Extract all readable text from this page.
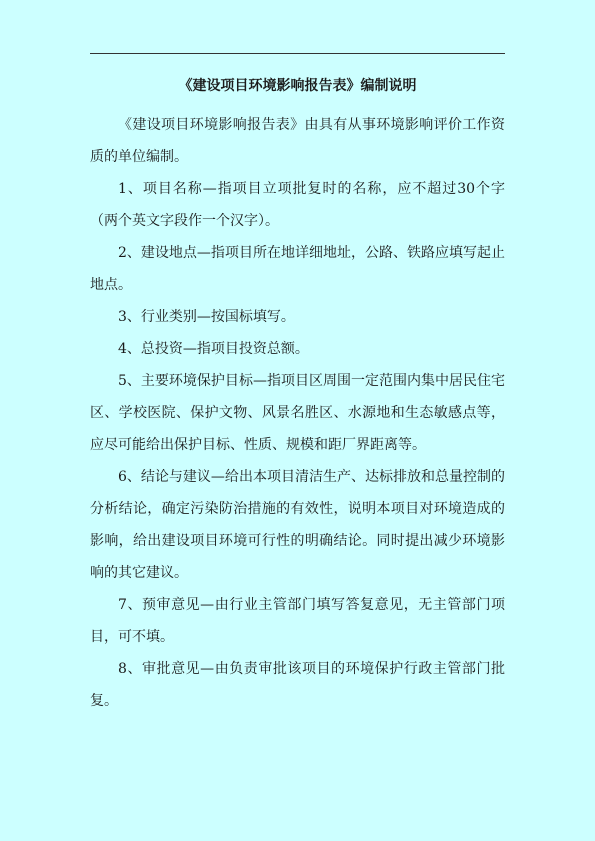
《建设项目环境影响报告表》编制说明

《建设项目环境影响报告表》由具有从事环境影响评价工作资质的单位编制。

1、项目名称—指项目立项批复时的名称，应不超过30个字（两个英文字段作一个汉字）。

2、建设地点—指项目所在地详细地址，公路、铁路应填写起止地点。

3、行业类别—按国标填写。

4、总投资—指项目投资总额。

5、主要环境保护目标—指项目区周围一定范围内集中居民住宅区、学校医院、保护文物、风景名胜区、水源地和生态敏感点等，应尽可能给出保护目标、性质、规模和距厂界距离等。

6、结论与建议—给出本项目清洁生产、达标排放和总量控制的分析结论，确定污染防治措施的有效性，说明本项目对环境造成的影响，给出建设项目环境可行性的明确结论。同时提出减少环境影响的其它建议。

7、预审意见—由行业主管部门填写答复意见，无主管部门项目，可不填。

8、审批意见—由负责审批该项目的环境保护行政主管部门批复。
